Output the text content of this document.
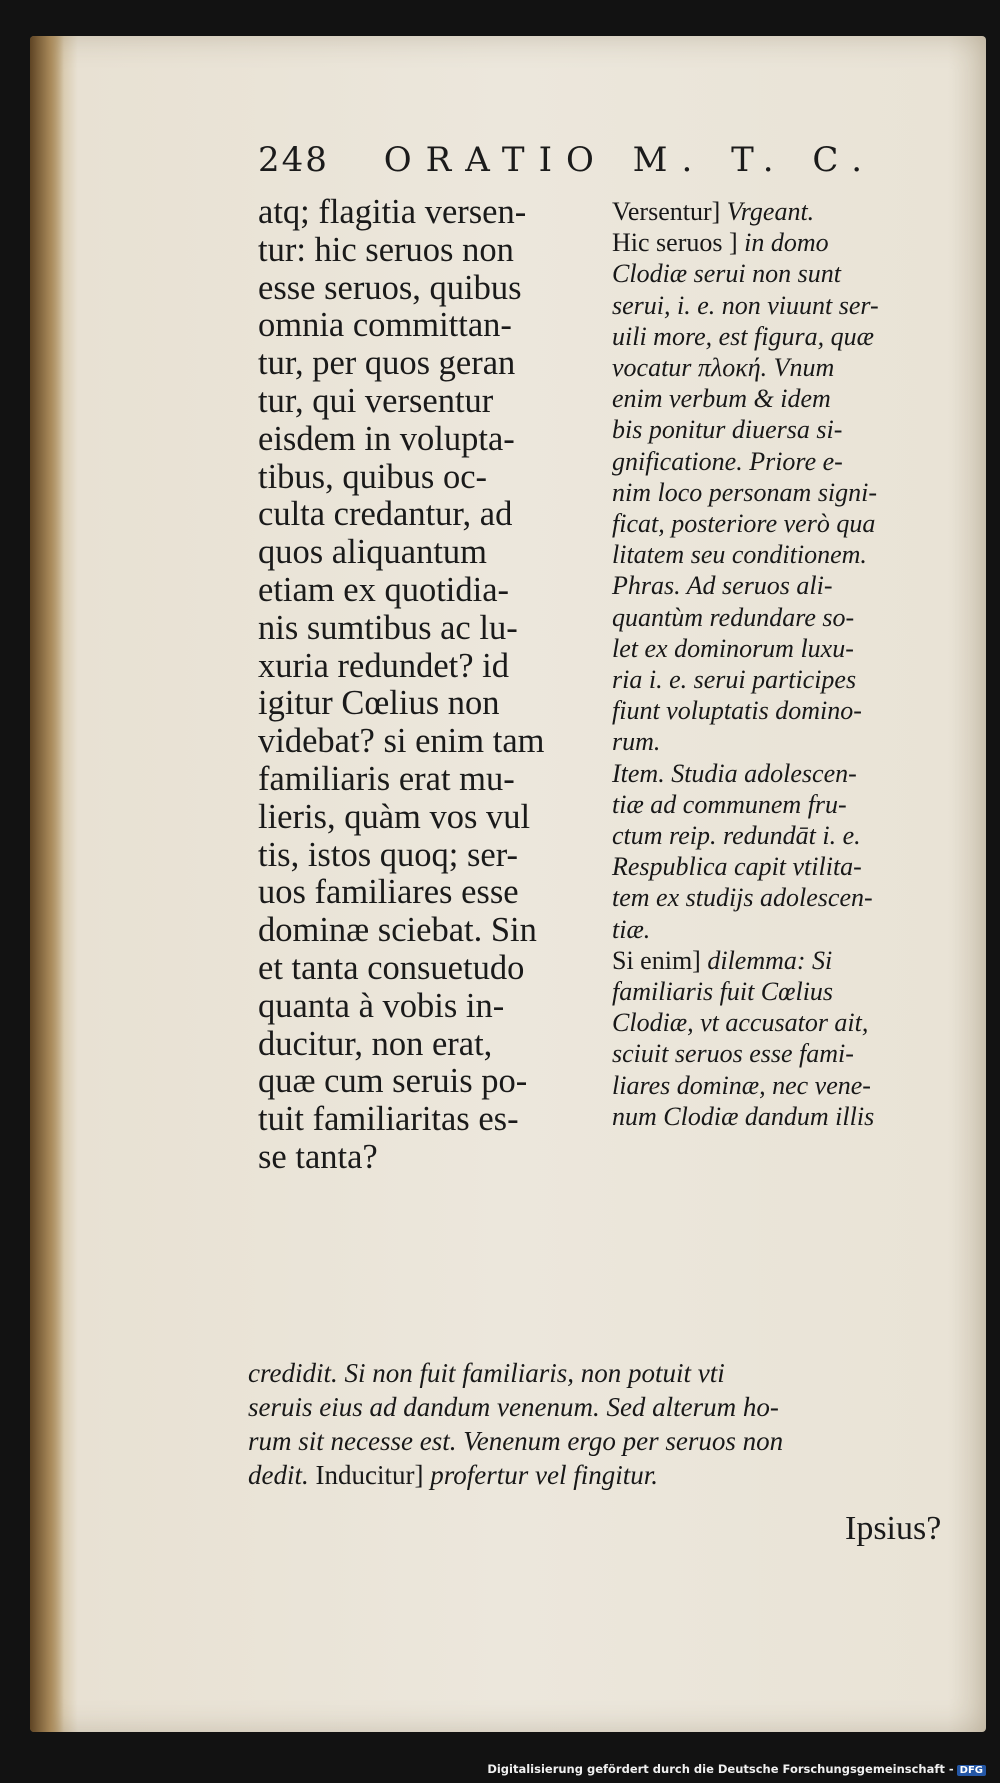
248 ORATIO M. T. C.
atq; flagitia versen-
tur: hic seruos non
esse seruos, quibus
omnia committan-
tur, per quos geran
tur, qui versentur
eisdem in volupta-
tibus, quibus oc-
culta credantur, ad
quos aliquantum
etiam ex quotidia-
nis sumtibus ac lu-
xuria redundet? id
igitur Cœlius non
videbat? si enim tam
familiaris erat mu-
lieris, quàm vos vul
tis, istos quoq; ser-
uos familiares esse
dominæ sciebat. Sin
et tanta consuetudo
quanta à vobis in-
ducitur, non erat,
quæ cum seruis po-
tuit familiaritas es-
se tanta?
Versentur] Vrgeant.
Hic seruos ] in domo
Clodiæ serui non sunt
serui, i. e. non viuunt ser-
uili more, est figura, quæ
vocatur πλοκή. Vnum
enim verbum & idem
bis ponitur diuersa si-
gnificatione. Priore e-
nim loco personam signi-
ficat, posteriore verò qua
litatem seu conditionem.
Phras. Ad seruos ali-
quantùm redundare so-
let ex dominorum luxu-
ria i. e. serui participes
fiunt voluptatis domino-
rum.
Item. Studia adolescen-
tiæ ad communem fru-
ctum reip. redundāt i. e.
Respublica capit vtilita-
tem ex studijs adolescen-
tiæ.
Si enim] dilemma: Si
familiaris fuit Cœlius
Clodiæ, vt accusator ait,
sciuit seruos esse fami-
liares dominæ, nec vene-
num Clodiæ dandum illis
credidit. Si non fuit familiaris, non potuit vti
seruis eius ad dandum venenum. Sed alterum ho-
rum sit necesse est. Venenum ergo per seruos non
dedit. Inducitur] profertur vel fingitur.
Ipsius?
Digitalisierung gefördert durch die Deutsche Forschungsgemeinschaft - DFG
